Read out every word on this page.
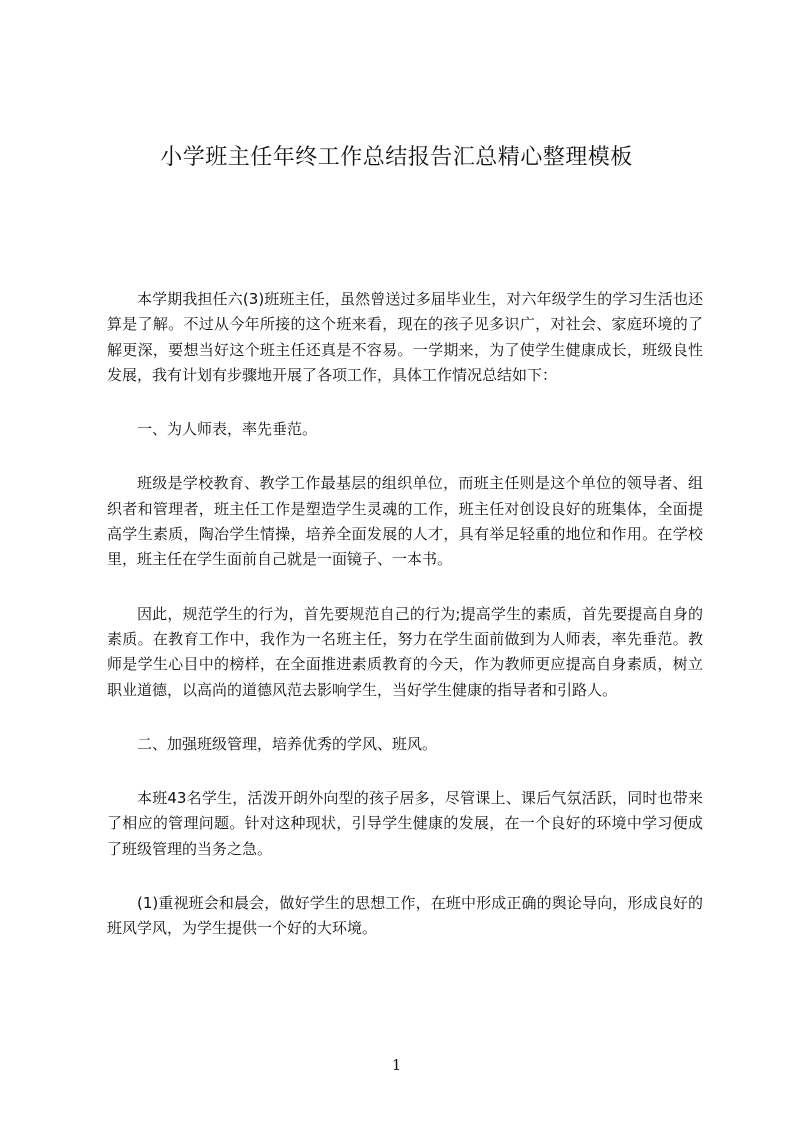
小学班主任年终工作总结报告汇总精心整理模板

本学期我担任六(3)班班主任，虽然曾送过多届毕业生，对六年级学生的学习生活也还算是了解。不过从今年所接的这个班来看，现在的孩子见多识广，对社会、家庭环境的了解更深，要想当好这个班主任还真是不容易。一学期来，为了使学生健康成长，班级良性发展，我有计划有步骤地开展了各项工作，具体工作情况总结如下：

一、为人师表，率先垂范。

班级是学校教育、教学工作最基层的组织单位，而班主任则是这个单位的领导者、组织者和管理者，班主任工作是塑造学生灵魂的工作，班主任对创设良好的班集体，全面提高学生素质，陶冶学生情操，培养全面发展的人才，具有举足轻重的地位和作用。在学校里，班主任在学生面前自己就是一面镜子、一本书。

因此，规范学生的行为，首先要规范自己的行为;提高学生的素质，首先要提高自身的素质。在教育工作中，我作为一名班主任，努力在学生面前做到为人师表，率先垂范。教师是学生心目中的榜样，在全面推进素质教育的今天，作为教师更应提高自身素质，树立职业道德，以高尚的道德风范去影响学生，当好学生健康的指导者和引路人。

二、加强班级管理，培养优秀的学风、班风。

本班43名学生，活泼开朗外向型的孩子居多，尽管课上、课后气氛活跃，同时也带来了相应的管理问题。针对这种现状，引导学生健康的发展，在一个良好的环境中学习便成了班级管理的当务之急。

(1)重视班会和晨会，做好学生的思想工作，在班中形成正确的舆论导向，形成良好的班风学风，为学生提供一个好的大环境。

1
